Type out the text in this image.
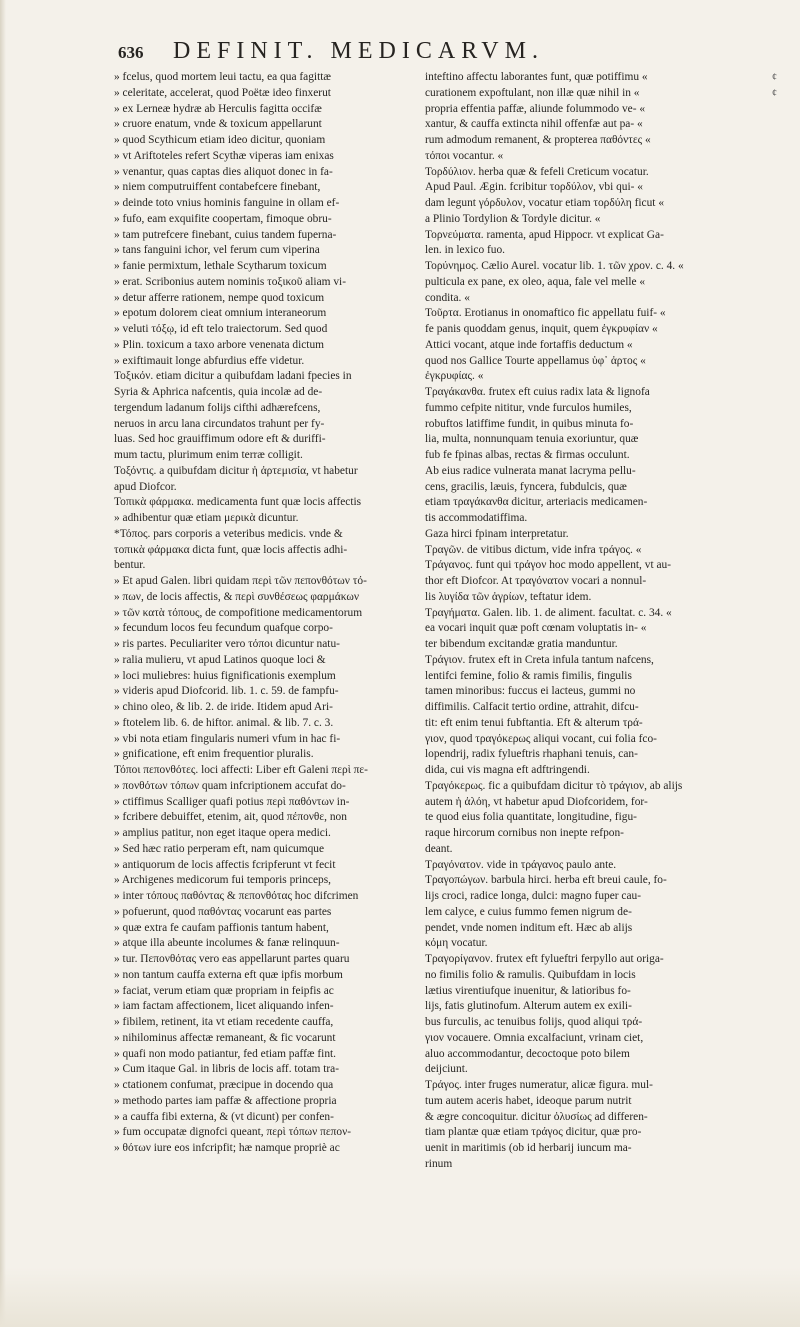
636	DEFINIT. MEDICARVM.
» fcelus, quod mortem leui tactu, ea qua fagittæ
» celeritate, accelerat, quod Poëtæ ideo finxerut
» ex Lerneæ hydræ ab Herculis fagitta occifæ
» cruore enatum, vnde & toxicum appellarunt
» quod Scythicum etiam ideo dicitur, quoniam
» vt Ariftoteles refert Scythæ viperas iam enixas
» venantur, quas captas dies aliquot donec in fa-
» niem computruiffent contabefcere finebant,
» deinde toto vnius hominis fanguine in ollam ef-
» fufo, eam exquifite coopertam, fimoque obru-
» tam putrefcere finebant, cuius tandem fuperna-
» tans fanguini ichor, vel ferum cum viperina
» fanie permixtum, lethale Scytharum toxicum
» erat. Scribonius autem nominis τοξικοῦ aliam vi-
» detur afferre rationem, nempe quod toxicum
» epotum dolorem cieat omnium interaneorum
» veluti τόξῳ, id eft telo traiectorum. Sed quod
» Plin. toxicum a taxo arbore venenata dictum
» exiftimauit longe abfurdius effe videtur.
Τοξικόν. etiam dicitur a quibufdam ladani fpecies in
Syria & Aphrica nafcentis, quia incolæ ad de-
tergendum ladanum folijs cifthi adhærefcens,
neruos in arcu lana circundatos trahunt per fy-
luas. Sed hoc grauiffimum odore eft & duriffi-
mum tactu, plurimum enim terræ colligit.
Τοξόντις. a quibufdam dicitur ἡ ἀρτεμισία, vt habetur
apud Diofcor.
Τοπικὰ φάρμακα. medicamenta funt quæ locis affectis
» adhibentur quæ etiam μερικὰ dicuntur.
*Τόπος. pars corporis a veteribus medicis. vnde &
τοπικὰ φάρμακα dicta funt, quæ locis affectis adhi-
bentur.
» Et apud Galen. libri quidam περὶ τῶν πεπονθότων τό-
» πων, de locis affectis, & περὶ συνθέσεως φαρμάκων
» τῶν κατὰ τόπους, de compofitione medicamentorum
» fecundum locos feu fecundum quafque corpo-
» ris partes. Peculiariter vero τόποι dicuntur natu-
» ralia mulieru, vt apud Latinos quoque loci &
» loci muliebres: huius fignificationis exemplum
» videris apud Diofcorid. lib. 1. c. 59. de fampfu-
» chino oleo, & lib. 2. de iride. Itidem apud Ari-
» ftotelem lib. 6. de hiftor. animal. & lib. 7. c. 3.
» vbi nota etiam fingularis numeri vfum in hac fi-
» gnificatione, eft enim frequentior pluralis.
Τόποι πεπονθότες. loci affecti: Liber eft Galeni περὶ πε-
» πονθότων τόπων quam infcriptionem accufat do-
» ctiffimus Scalliger quafi potius περὶ παθόντων in-
» fcribere debuiffet, etenim, ait, quod πέπονθε, non
» amplius patitur, non eget itaque opera medici.
» Sed hæc ratio perperam eft, nam quicumque
» antiquorum de locis affectis fcripferunt vt fecit
» Archigenes medicorum fui temporis princeps,
» inter τόπους παθόντας & πεπονθότας hoc difcrimen
» pofuerunt, quod παθόντας vocarunt eas partes
» quæ extra fe caufam paffionis tantum habent,
» atque illa abeunte incolumes & fanæ relinquun-
» tur. Πεπονθότας vero eas appellarunt partes quaru
» non tantum cauffa externa eft quæ ipfis morbum
» faciat, verum etiam quæ propriam in feipfis ac
» iam factam affectionem, licet aliquando infen-
» fibilem, retinent, ita vt etiam recedente cauffa,
» nihilominus affectæ remaneant, & fic vocarunt
» quafi non modo patiantur, fed etiam paffæ fint.
» Cum itaque Gal. in libris de locis aff. totam tra-
» ctationem confumat, præcipue in docendo qua
» methodo partes iam paffæ & affectione propria
» a cauffa fibi externa, & (vt dicunt) per confen-
» fum occupatæ dignofci queant, περὶ τόπων πεπον-
» θότων iure eos infcripfit; hæ namque propriè ac
inteftino affectu laborantes funt, quæ potiffimu «
curationem expoftulant, non illæ quæ nihil in «
propria effentia paffæ, aliunde folummodo ve- «
xantur, & cauffa extincta nihil offenfæ aut pa- «
rum admodum remanent, & propterea παθόντες «
τόποι vocantur. «
Τορδύλιον. herba quæ & fefeli Creticum vocatur.
Apud Paul. Ægin. fcribitur τορδύλον, vbi qui- «
dam legunt γόρδυλον, vocatur etiam τορδύλη ficut «
a Plinio Tordylion & Tordyle dicitur. «
Τορνεύματα. ramenta, apud Hippocr. vt explicat Ga-
len. in lexico fuo.
Τορύνημος. Cælio Aurel. vocatur lib. 1. τῶν χρον. c. 4. «
pulticula ex pane, ex oleo, aqua, fale vel melle «
condita. «
Τοῦρτα. Erotianus in onomaftico fic appellatu fuif- «
fe panis quoddam genus, inquit, quem ἐγκρυφίαν «
Attici vocant, atque inde fortaffis deductum «
quod nos Gallice Tourte appellamus ὑφ᾽ ἀρτος «
ἐγκρυφίας. «
Τραγάκανθα. frutex eft cuius radix lata & lignofa
fummo cefpite nititur, vnde furculos humiles,
robuftos latiffime fundit, in quibus minuta fo-
lia, multa, nonnunquam tenuia exoriuntur, quæ
fub fe fpinas albas, rectas & firmas occulunt.
Ab eius radice vulnerata manat lacryma pellu-
cens, gracilis, læuis, fyncera, fubdulcis, quæ
etiam τραγάκανθα dicitur, arteriacis medicamen-
tis accommodatiffima.
Gaza hirci fpinam interpretatur.
Τραγῶν. de vitibus dictum, vide infra τράγος. «
Τράγανος. funt qui τράγον hoc modo appellent, vt au-
thor eft Diofcor. At τραγόνατον vocari a nonnul-
lis λυγίδα τῶν ἀγρίων, teftatur idem.
Τραγήματα. Galen. lib. 1. de aliment. facultat. c. 34. «
ea vocari inquit quæ poft cœnam voluptatis in- «
ter bibendum excitandæ gratia manduntur.
Τράγιον. frutex eft in Creta infula tantum nafcens,
lentifci femine, folio & ramis fimilis, fingulis
tamen minoribus: fuccus ei lacteus, gummi no
diffimilis. Calfacit tertio ordine, attrahit, difcu-
tit: eft enim tenui fubftantia. Eft & alterum τρά-
γιον, quod τραγόκερως aliqui vocant, cui folia fco-
lopendrij, radix fylueftris rhaphani tenuis, can-
dida, cui vis magna eft adftringendi.
Τραγόκερως. fic a quibufdam dicitur τὸ τράγιον, ab alijs
autem ἡ ἀλόη, vt habetur apud Diofcoridem, for-
te quod eius folia quantitate, longitudine, figu-
raque hircorum cornibus non inepte refpon-
deant.
Τραγόνατον. vide in τράγανος paulo ante.
Τραγοπώγων. barbula hirci. herba eft breui caule, fo-
lijs croci, radice longa, dulci: magno fuper cau-
lem calyce, e cuius fummo femen nigrum de-
pendet, vnde nomen inditum eft. Hæc ab alijs
κόμη vocatur.
Τραγορίγανον. frutex eft fylueftri ferpyllo aut origa-
no fimilis folio & ramulis. Quibufdam in locis
lætius virentiufque inuenitur, & latioribus fo-
lijs, fatis glutinofum. Alterum autem ex exili-
bus furculis, ac tenuibus folijs, quod aliqui τρά-
γιον vocauere. Omnia excalfaciunt, vrinam ciet,
aluo accommodantur, decoctoque poto bilem
deijciunt.
Τράγος. inter fruges numeratur, alicæ figura. mul-
tum autem aceris habet, ideoque parum nutrit
& ægre concoquitur. dicitur ὀλυσίως ad differen-
tiam plantæ quæ etiam τράγος dicitur, quæ pro-
uenit in maritimis (ob id herbarij iuncum ma-
rinum
¢
¢
